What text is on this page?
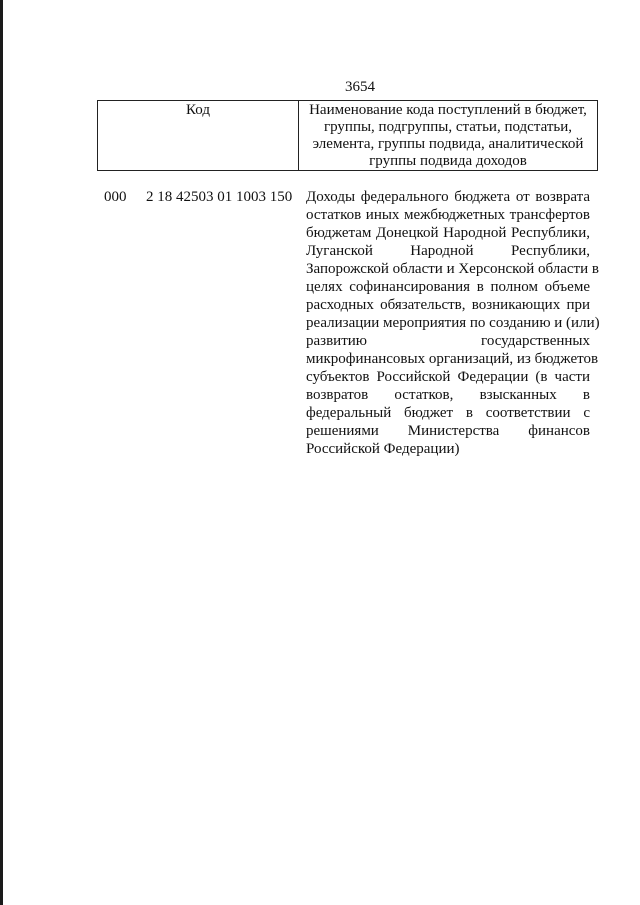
3654
Код	Наименование кода поступлений в бюджет,
группы, подгруппы, статьи, подстатьи,
элемента, группы подвида, аналитической
группы подвида доходов
000 2 18 42503 01 1003 150 Доходы федерального бюджета от возврата
остатков иных межбюджетных трансфертов
бюджетам Донецкой Народной Республики,
Луганской Народной Республики,
Запорожской области и Херсонской области в
целях софинансирования в полном объеме
расходных обязательств, возникающих при
реализации мероприятия по созданию и (или)
развитию государственных
микрофинансовых организаций, из бюджетов
субъектов Российской Федерации (в части
возвратов остатков, взысканных в
федеральный бюджет в соответствии с
решениями Министерства финансов
Российской Федерации)
